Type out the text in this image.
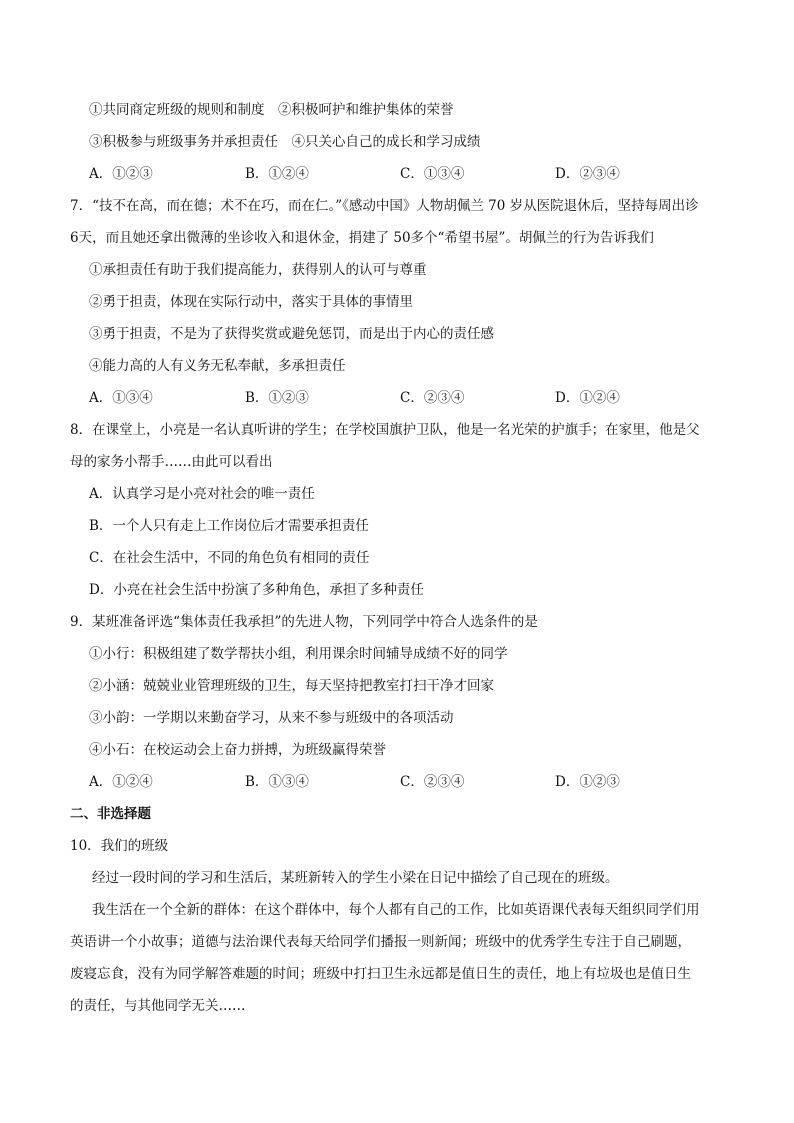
①共同商定班级的规则和制度　②积极呵护和维护集体的荣誉
③积极参与班级事务并承担责任　④只关心自己的成长和学习成绩
A．①②③	B．①②④	C．①③④	D．②③④
7．“技不在高，而在德；术不在巧，而在仁。”《感动中国》人物胡佩兰 70 岁从医院退休后，坚持每周出诊
6天，而且她还拿出微薄的坐诊收入和退休金，捐建了 50多个“希望书屋”。胡佩兰的行为告诉我们
①承担责任有助于我们提高能力，获得别人的认可与尊重
②勇于担责，体现在实际行动中，落实于具体的事情里
③勇于担责，不是为了获得奖赏或避免惩罚，而是出于内心的责任感
④能力高的人有义务无私奉献，多承担责任
A．①③④	B．①②③	C．②③④	D．①②④
8．在课堂上，小亮是一名认真听讲的学生；在学校国旗护卫队，他是一名光荣的护旗手；在家里，他是父
母的家务小帮手……由此可以看出
A．认真学习是小亮对社会的唯一责任
B．一个人只有走上工作岗位后才需要承担责任
C．在社会生活中，不同的角色负有相同的责任
D．小亮在社会生活中扮演了多种角色，承担了多种责任
9．某班准备评选“集体责任我承担”的先进人物，下列同学中符合人选条件的是
①小行：积极组建了数学帮扶小组，利用课余时间辅导成绩不好的同学
②小涵：兢兢业业管理班级的卫生，每天坚持把教室打扫干净才回家
③小韵：一学期以来勤奋学习，从来不参与班级中的各项活动
④小石：在校运动会上奋力拼搏，为班级赢得荣誉
A．①②④	B．①③④	C．②③④	D．①②③
二、非选择题
10．我们的班级
经过一段时间的学习和生活后，某班新转入的学生小梁在日记中描绘了自己现在的班级。
我生活在一个全新的群体：在这个群体中，每个人都有自己的工作，比如英语课代表每天组织同学们用
英语讲一个小故事；道德与法治课代表每天给同学们播报一则新闻；班级中的优秀学生专注于自己刷题，
废寝忘食，没有为同学解答难题的时间；班级中打扫卫生永远都是值日生的责任，地上有垃圾也是值日生
的责任，与其他同学无关……
